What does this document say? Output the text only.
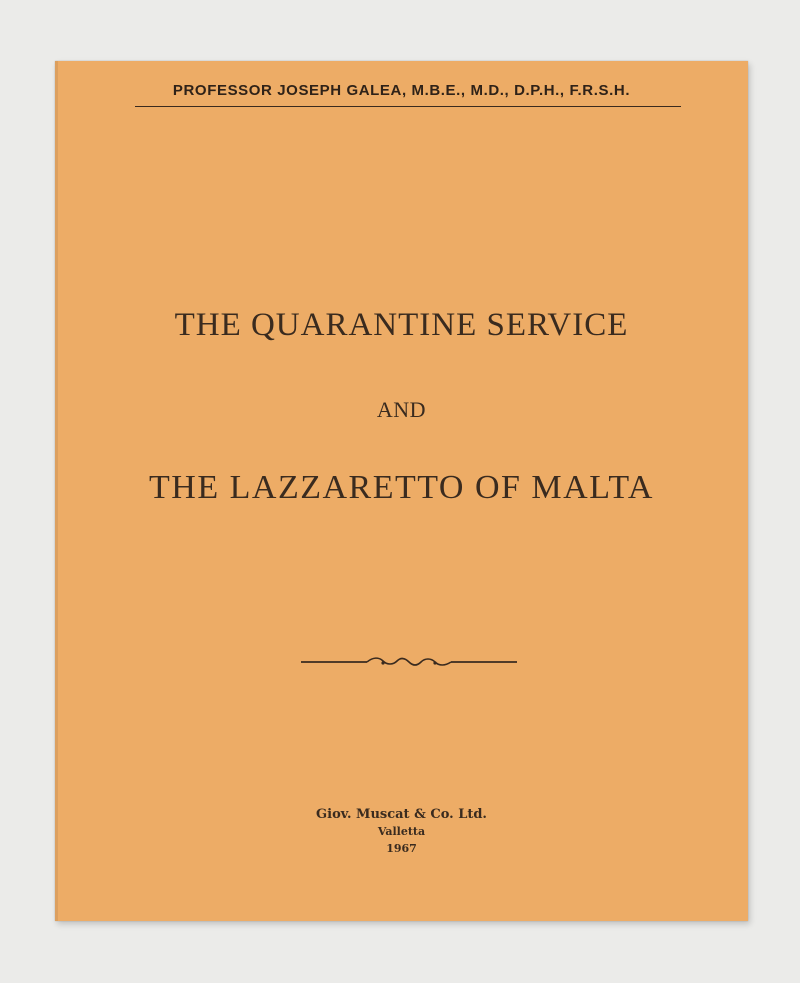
PROFESSOR JOSEPH GALEA, M.B.E., M.D., D.P.H., F.R.S.H.
THE QUARANTINE SERVICE
AND
THE LAZZARETTO OF MALTA
Giov. Muscat & Co. Ltd.
Valletta
1967
